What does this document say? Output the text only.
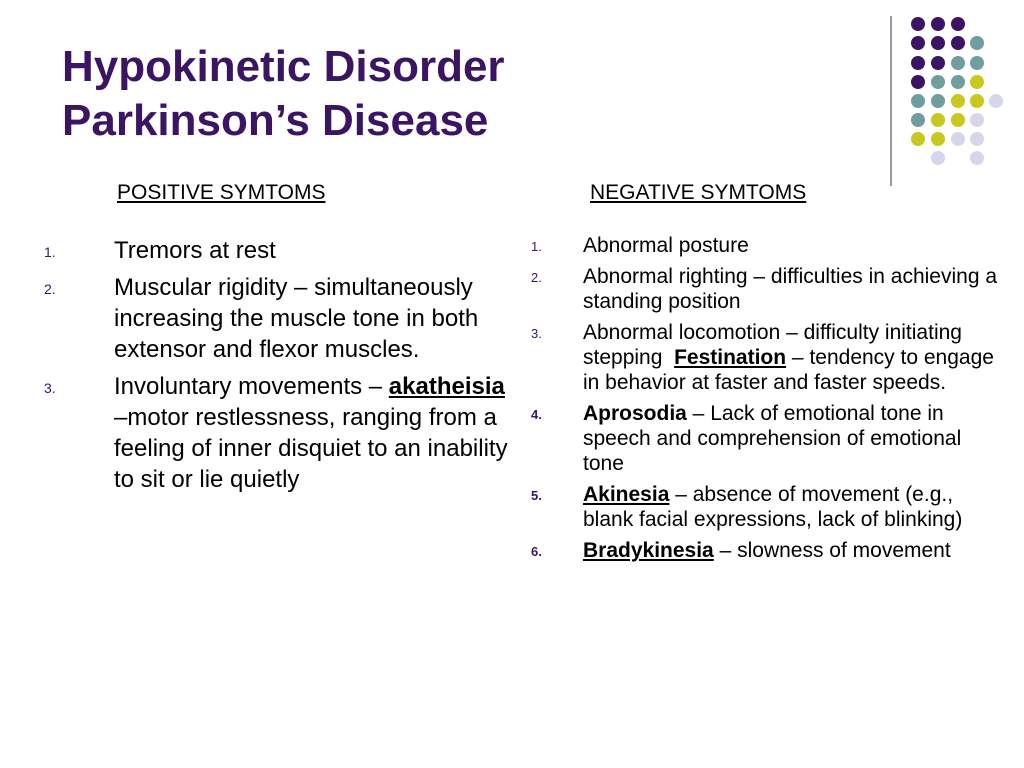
Hypokinetic Disorder
Parkinson’s Disease
POSITIVE SYMTOMS	NEGATIVE SYMTOMS
1. Tremors at rest
2. Muscular rigidity – simultaneously increasing the muscle tone in both extensor and flexor muscles.
3. Involuntary movements – akatheisia –motor restlessness, ranging from a feeling of inner disquiet to an inability to sit or lie quietly
1. Abnormal posture
2. Abnormal righting – difficulties in achieving a standing position
3. Abnormal locomotion – difficulty initiating stepping  Festination – tendency to engage in behavior at faster and faster speeds.
4. Aprosodia – Lack of emotional tone in speech and comprehension of emotional tone
5. Akinesia – absence of movement (e.g., blank facial expressions, lack of blinking)
6. Bradykinesia – slowness of movement
